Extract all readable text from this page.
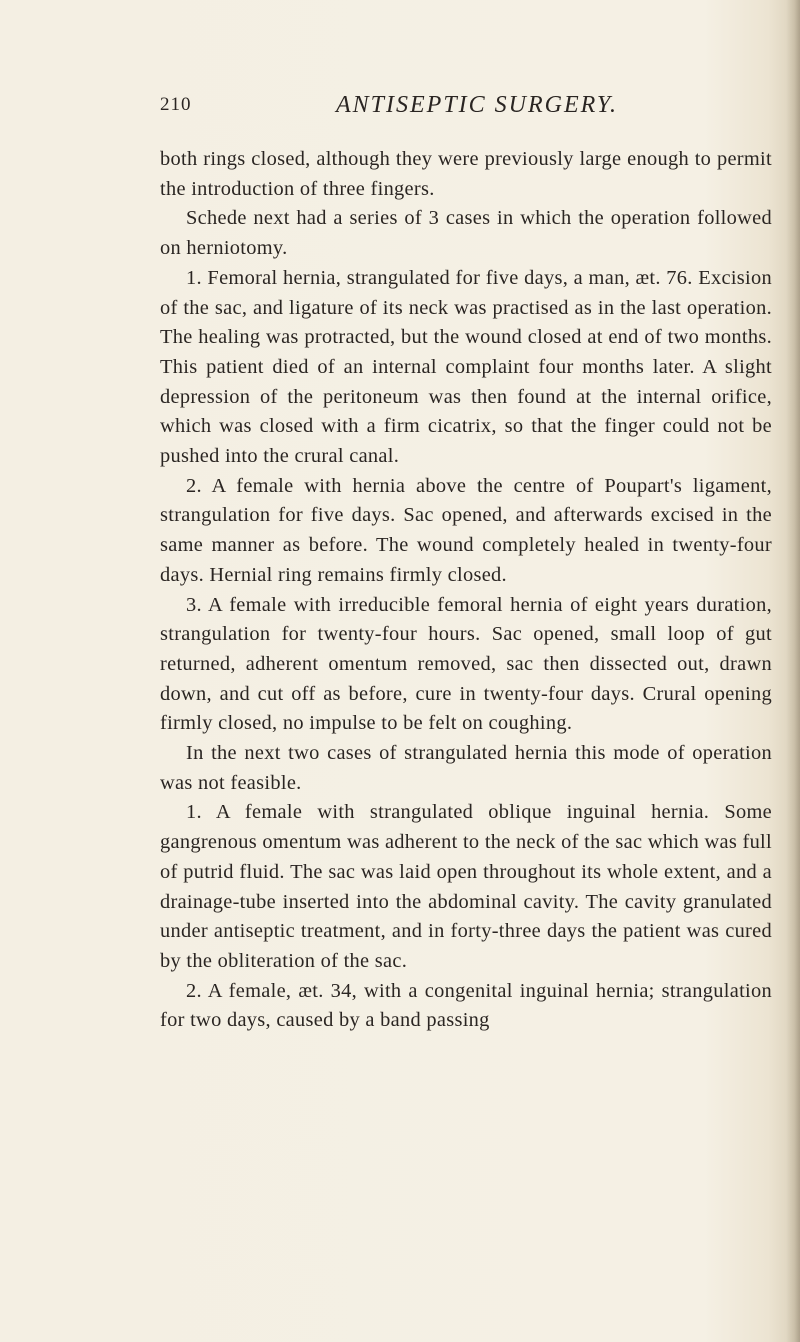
210	ANTISEPTIC SURGERY.

both rings closed, although they were previously large enough to permit the introduction of three fingers.

Schede next had a series of 3 cases in which the operation followed on herniotomy.

1. Femoral hernia, strangulated for five days, a man, æt. 76. Excision of the sac, and ligature of its neck was practised as in the last operation. The healing was protracted, but the wound closed at end of two months. This patient died of an internal complaint four months later. A slight depression of the peritoneum was then found at the internal orifice, which was closed with a firm cicatrix, so that the finger could not be pushed into the crural canal.

2. A female with hernia above the centre of Poupart's ligament, strangulation for five days. Sac opened, and afterwards excised in the same manner as before. The wound completely healed in twenty-four days. Hernial ring remains firmly closed.

3. A female with irreducible femoral hernia of eight years duration, strangulation for twenty-four hours. Sac opened, small loop of gut returned, adherent omentum removed, sac then dissected out, drawn down, and cut off as before, cure in twenty-four days. Crural opening firmly closed, no impulse to be felt on coughing.

In the next two cases of strangulated hernia this mode of operation was not feasible.

1. A female with strangulated oblique inguinal hernia. Some gangrenous omentum was adherent to the neck of the sac which was full of putrid fluid. The sac was laid open throughout its whole extent, and a drainage-tube inserted into the abdominal cavity. The cavity granulated under antiseptic treatment, and in forty-three days the patient was cured by the obliteration of the sac.

2. A female, æt. 34, with a congenital inguinal hernia; strangulation for two days, caused by a band passing
